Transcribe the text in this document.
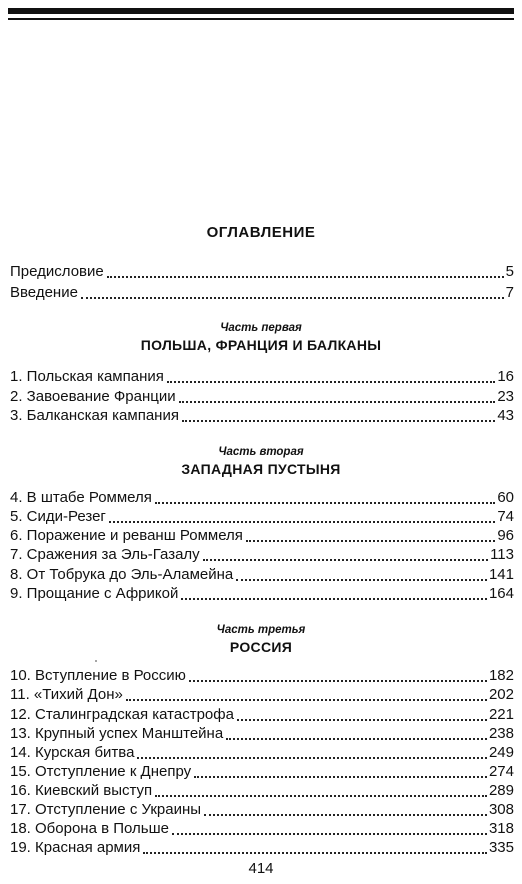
ОГЛАВЛЕНИЕ
Предисловие	5
Введение	7
Часть первая
ПОЛЬША, ФРАНЦИЯ И БАЛКАНЫ
1. Польская кампания	16
2. Завоевание Франции	23
3. Балканская кампания	43
Часть вторая
ЗАПАДНАЯ ПУСТЫНЯ
4. В штабе Роммеля	60
5. Сиди-Резег	74
6. Поражение и реванш Роммеля	96
7. Сражения за Эль-Газалу	113
8. От Тобрука до Эль-Аламейна	141
9. Прощание с Африкой	164
Часть третья
РОССИЯ
10. Вступление в Россию	182
11. «Тихий Дон»	202
12. Сталинградская катастрофа	221
13. Крупный успех Манштейна	238
14. Курская битва	249
15. Отступление к Днепру	274
16. Киевский выступ	289
17. Отступление с Украины	308
18. Оборона в Польше	318
19. Красная армия	335
414
